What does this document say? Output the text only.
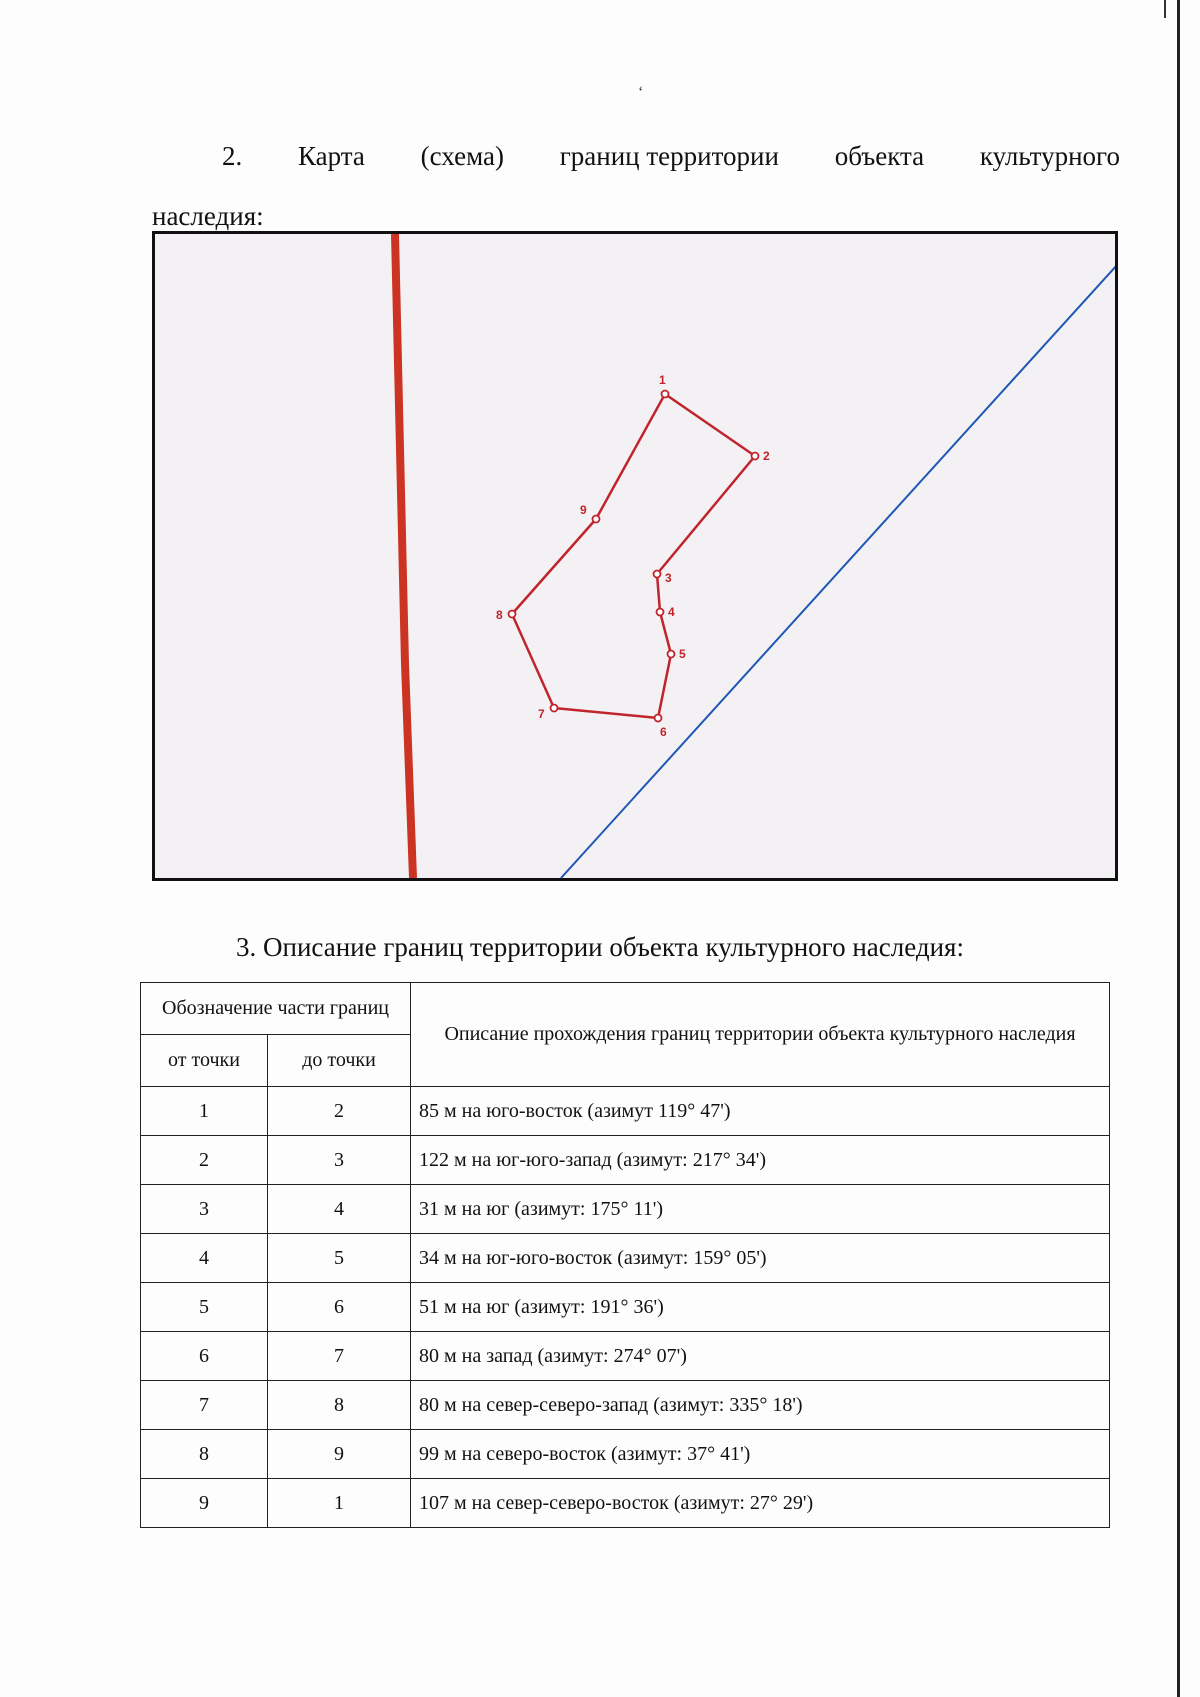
ʻ
2. Карта (схема) границ территории объекта культурного
наследия:
1
2
3
4
5
6
7
8
9
3. Описание границ территории объекта культурного наследия:
Обозначение части границ		Описание прохождения границ территории объекта культурного наследия
от точки	до точки	
1	2	85 м на юго-восток (азимут 119° 47')
2	3	122 м на юг-юго-запад (азимут: 217° 34')
3	4	31 м на юг (азимут: 175° 11')
4	5	34 м на юг-юго-восток (азимут: 159° 05')
5	6	51 м на юг (азимут: 191° 36')
6	7	80 м на запад (азимут: 274° 07')
7	8	80 м на север-северо-запад (азимут: 335° 18')
8	9	99 м на северо-восток (азимут: 37° 41')
9	1	107 м на север-северо-восток (азимут: 27° 29')
